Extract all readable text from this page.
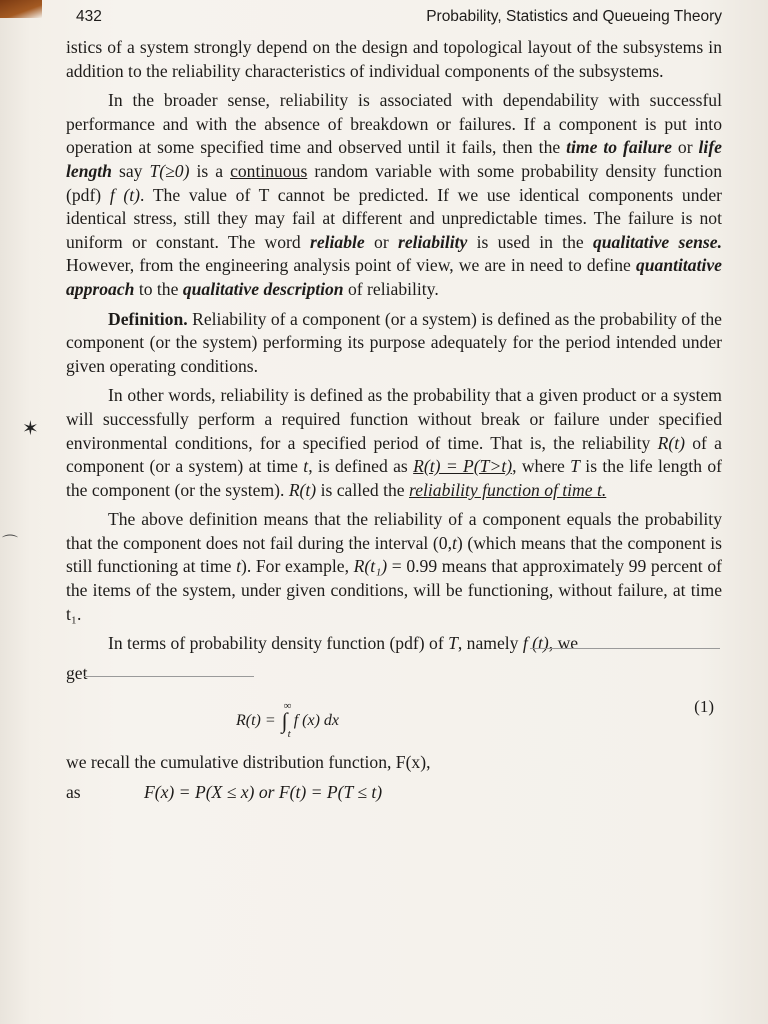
432	Probability, Statistics and Queueing Theory
✶
⌒

istics of a system strongly depend on the design and topological layout of the subsystems in addition to the reliability characteristics of individual components of the subsystems.

In the broader sense, reliability is associated with dependability with successful performance and with the absence of breakdown or failures. If a component is put into operation at some specified time and observed until it fails, then the time to failure or life length say T(≥0) is a continuous random variable with some probability density function (pdf) f (t). The value of T cannot be predicted. If we use identical components under identical stress, still they may fail at different and unpredictable times. The failure is not uniform or constant. The word reliable or reliability is used in the qualitative sense. However, from the engineering analysis point of view, we are in need to define quantitative approach to the qualitative description of reliability.

Definition. Reliability of a component (or a system) is defined as the probability of the component (or the system) performing its purpose adequately for the period intended under given operating conditions.

In other words, reliability is defined as the probability that a given product or a system will successfully perform a required function without break or failure under specified environmental conditions, for a specified period of time. That is, the reliability R(t) of a component (or a system) at time t, is defined as R(t) = P(T>t), where T is the life length of the component (or the system). R(t) is called the reliability function of time t.

The above definition means that the reliability of a component equals the probability that the component does not fail during the interval (0,t) (which means that the component is still functioning at time t). For example, R(t₁) = 0.99 means that approximately 99 percent of the items of the system, under given conditions, will be functioning, without failure, at time t₁.

In terms of probability density function (pdf) of T, namely f (t), we

get

R(t) = ∫
∞
t
f (x) dx
(1)

we recall the cumulative distribution function, F(x),

as	F(x) = P(X ≤ x) or F(t) = P(T ≤ t)
